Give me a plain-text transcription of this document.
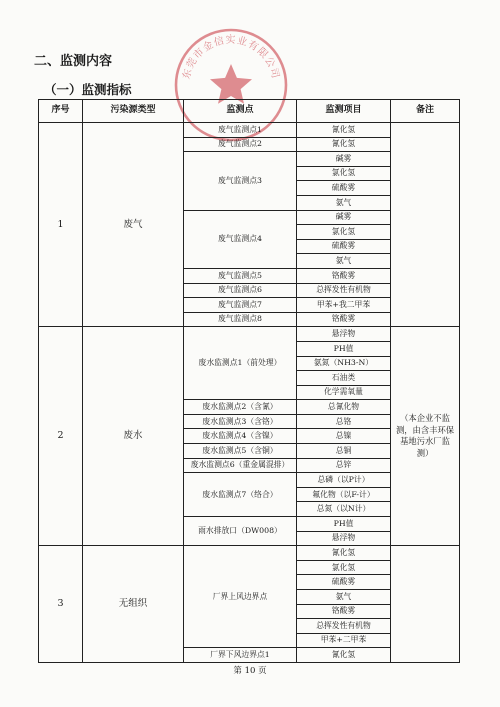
二、监测内容
（一）监测指标
东莞市金信实业有限公司
序号	污染源类型	监测点	监测项目	备注
1	废气	废气监测点1	氰化氢	
		废气监测点2	氰化氢	
		废气监测点3	碱雾	
			氯化氢	
			硫酸雾	
			氨气	
		废气监测点4	碱雾	
			氯化氢	
			硫酸雾	
			氨气	
		废气监测点5	铬酸雾	
		废气监测点6	总挥发性有机物	
		废气监测点7	甲苯+我二甲苯	
		废气监测点8	铬酸雾	
2	废水	废水监测点1（前处理）	悬浮物	（本企业不监测，由含丰环保基地污水厂监测）

			PH值	
			氨氮（NH3-N）	
			石油类	
			化学需氧量	
		废水监测点2（含氰）	总氰化物	
		废水监测点3（含铬）	总铬	
		废水监测点4（含镍）	总镍	
		废水监测点5（含铜）	总铜	
		废水监测点6（重金属混排）	总锌	
		废水监测点7（络合）	总磷（以P计）	
			氟化物（以F-计）	
			总氮（以N计）	
		雨水排放口（DW008）	PH值	
			悬浮物	
3	无组织	厂界上风边界点	氰化氢	
			氯化氢	
			硫酸雾	
			氨气	
			铬酸雾	
			总挥发性有机物	
			甲苯+二甲苯	
		厂界下风边界点1	氰化氢	
第 10 页
